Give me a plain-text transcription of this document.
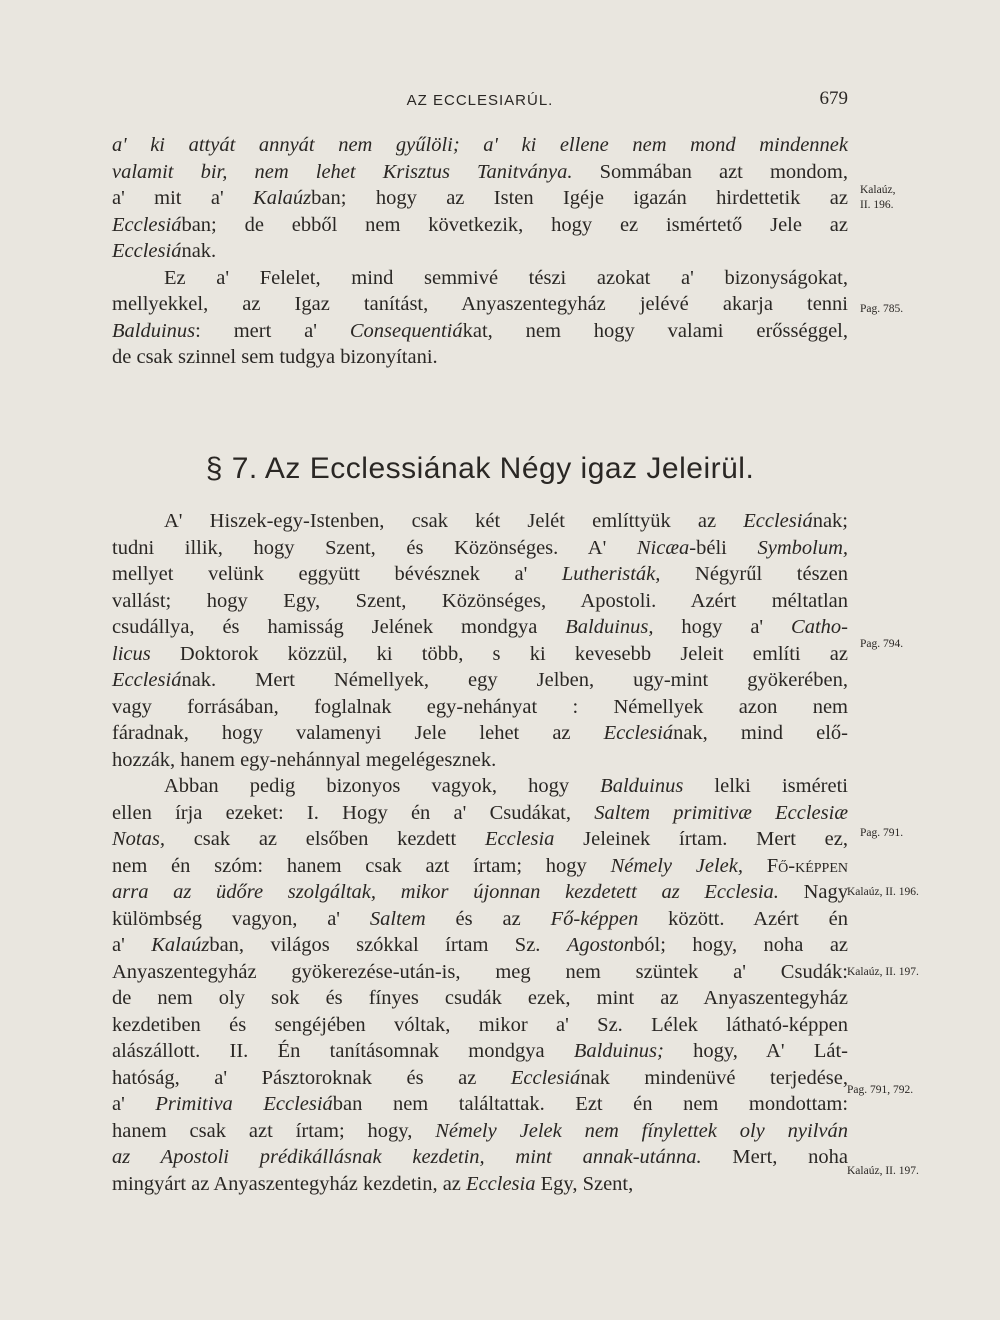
AZ ECCLESIARÚL.	679
a' ki attyát annyát nem gyűlöli; a' ki ellene nem mond mindennek
valamit bir, nem lehet Krisztus Tanitványa. Sommában azt mondom,
a' mit a' Kalaúzban; hogy az Isten Igéje igazán hirdettetik az
Ecclesiában; de ebből nem következik, hogy ez ismértető Jele az
Ecclesiának.
Ez a' Felelet, mind semmivé tészi azokat a' bizonyságokat,
mellyekkel, az Igaz tanítást, Anyaszentegyház jelévé akarja tenni
Balduinus: mert a' Consequentiákat, nem hogy valami erősséggel,
de csak szinnel sem tudgya bizonyítani.
§ 7. Az Ecclessiának Négy igaz Jeleirül.
A' Hiszek-egy-Istenben, csak két Jelét említtyük az Ecclesiának;
tudni illik, hogy Szent, és Közönséges. A' Nicæa-béli Symbolum,
mellyet velünk eggyütt bévésznek a' Lutheristák, Négyrűl tészen
vallást; hogy Egy, Szent, Közönséges, Apostoli. Azért méltatlan
csudállya, és hamisság Jelének mondgya Balduinus, hogy a' Catho-
licus Doktorok közzül, ki több, s ki kevesebb Jeleit említi az
Ecclesiának. Mert Némellyek, egy Jelben, ugy-mint gyökerében,
vagy forrásában, foglalnak egy-nehányat : Némellyek azon nem
fáradnak, hogy valamenyi Jele lehet az Ecclesiának, mind elő-
hozzák, hanem egy-nehánnyal megelégesznek.
Abban pedig bizonyos vagyok, hogy Balduinus lelki isméreti
ellen írja ezeket: I. Hogy én a' Csudákat, Saltem primitivæ Ecclesiæ
Notas, csak az elsőben kezdett Ecclesia Jeleinek írtam. Mert ez,
nem én szóm: hanem csak azt írtam; hogy Némely Jelek, Fő-képpen
arra az üdőre szolgáltak, mikor újonnan kezdetett az Ecclesia. Nagy
külömbség vagyon, a' Saltem és az Fő-képpen között. Azért én
a' Kalaúzban, világos szókkal írtam Sz. Agostonból; hogy, noha az
Anyaszentegyház gyökerezése-után-is, meg nem szüntek a' Csudák:
de nem oly sok és fínyes csudák ezek, mint az Anyaszentegyház
kezdetiben és sengéjében vóltak, mikor a' Sz. Lélek látható-képpen
alászállott. II. Én tanításomnak mondgya Balduinus; hogy, A' Lát-
hatóság, a' Pásztoroknak és az Ecclesiának mindenüvé terjedése,
a' Primitiva Ecclesiában nem találtattak. Ezt én nem mondottam:
hanem csak azt írtam; hogy, Némely Jelek nem fínylettek oly nyilván
az Apostoli prédikállásnak kezdetin, mint annak-utánna. Mert, noha
mingyárt az Anyaszentegyház kezdetin, az Ecclesia Egy, Szent,
Kalaúz,
II. 196.
Pag. 785.
Pag. 794.
Pag. 791.
Kalaúz, II. 196.
Kalaúz, II. 197.
Pag. 791, 792.
Kalaúz, II. 197.
